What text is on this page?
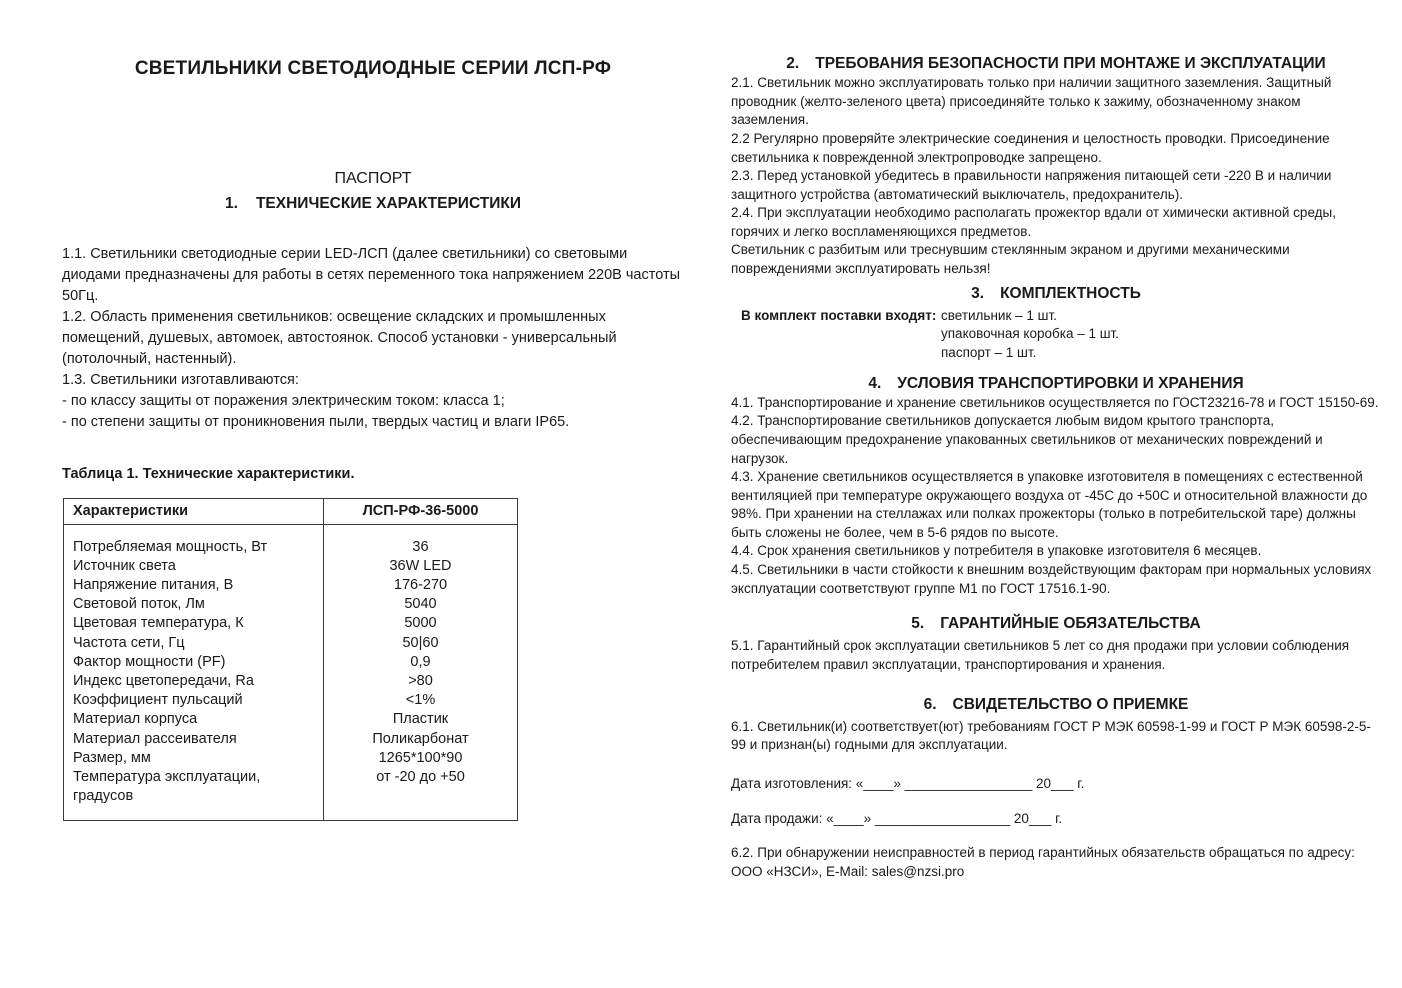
СВЕТИЛЬНИКИ СВЕТОДИОДНЫЕ СЕРИИ ЛСП-РФ
ПАСПОРТ
1. ТЕХНИЧЕСКИЕ ХАРАКТЕРИСТИКИ

1.1. Светильники светодиодные серии LED-ЛСП (далее светильники) со световыми диодами предназначены для работы в сетях переменного тока напряжением 220В частоты 50Гц.

1.2. Область применения светильников: освещение складских и промышленных помещений, душевых, автомоек, автостоянок. Способ установки - универсальный (потолочный, настенный).

1.3. Светильники изготавливаются:

- по классу защиты от поражения электрическим током: класса 1;

- по степени защиты от проникновения пыли, твердых частиц и влаги IP65.

Таблица 1. Технические характеристики.
Характеристики	ЛСП-РФ-36-5000
Потребляемая мощность, Вт
Источник света
Напряжение питания, В
Световой поток, Лм
Цветовая температура, К
Частота сети, Гц
Фактор мощности (PF)
Индекс цветопередачи, Ra
Коэффициент пульсаций
Материал корпуса
Материал рассеивателя
Размер, мм
Температура эксплуатации, градусов
36
36W LED
176-270
5040
5000
50|60
0,9
>80
<1%
Пластик
Поликарбонат
1265*100*90
от -20 до +50
2. ТРЕБОВАНИЯ БЕЗОПАСНОСТИ ПРИ МОНТАЖЕ И ЭКСПЛУАТАЦИИ

2.1. Светильник можно эксплуатировать только при наличии защитного заземления. Защитный проводник (желто-зеленого цвета) присоединяйте только к зажиму, обозначенному знаком заземления.

2.2 Регулярно проверяйте электрические соединения и целостность проводки. Присоединение светильника к поврежденной электропроводке запрещено.

2.3. Перед установкой убедитесь в правильности напряжения питающей сети -220 В и наличии защитного устройства (автоматический выключатель, предохранитель).

2.4. При эксплуатации необходимо располагать прожектор вдали от химически активной среды, горячих и легко воспламеняющихся предметов.

Светильник с разбитым или треснувшим стеклянным экраном и другими механическими повреждениями эксплуатировать нельзя!

3. КОМПЛЕКТНОСТЬ
В комплект поставки входят: светильник – 1 шт.
упаковочная коробка – 1 шт.
паспорт – 1 шт.
4. УСЛОВИЯ ТРАНСПОРТИРОВКИ И ХРАНЕНИЯ

4.1. Транспортирование и хранение светильников осуществляется по ГОСТ23216-78 и ГОСТ 15150-69.

4.2. Транспортирование светильников допускается любым видом крытого транспорта, обеспечивающим предохранение упакованных светильников от механических повреждений и нагрузок.

4.3. Хранение светильников осуществляется в упаковке изготовителя в помещениях с естественной вентиляцией при температуре окружающего воздуха от -45С до +50С и относительной влажности до 98%. При хранении на стеллажах или полках прожекторы (только в потребительской таре) должны быть сложены не более, чем в 5-6 рядов по высоте.

4.4. Срок хранения светильников у потребителя в упаковке изготовителя 6 месяцев.

4.5. Светильники в части стойкости к внешним воздействующим факторам при нормальных условиях эксплуатации соответствуют группе М1 по ГОСТ 17516.1-90.

5. ГАРАНТИЙНЫЕ ОБЯЗАТЕЛЬСТВА

5.1. Гарантийный срок эксплуатации светильников 5 лет со дня продажи при условии соблюдения потребителем правил эксплуатации, транспортирования и хранения.

6. СВИДЕТЕЛЬСТВО О ПРИЕМКЕ

6.1. Светильник(и) соответствует(ют) требованиям ГОСТ Р МЭК 60598-1-99 и ГОСТ Р МЭК 60598-2-5-99 и признан(ы) годными для эксплуатации.

Дата изготовления: «____» _________________ 20___ г.

Дата продажи: «____» __________________ 20___ г.

6.2. При обнаружении неисправностей в период гарантийных обязательств обращаться по адресу: ООО «НЗСИ», E-Mail: sales@nzsi.pro
